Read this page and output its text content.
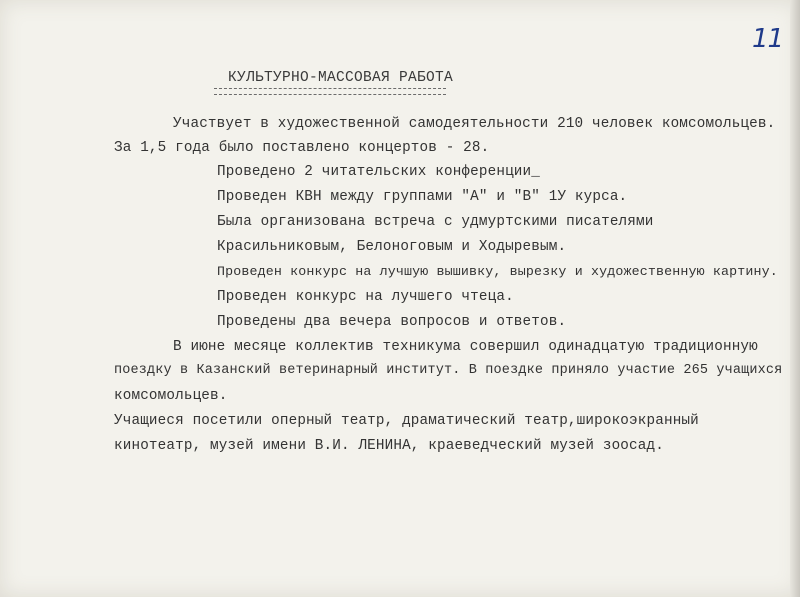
11
КУЛЬТУРНО-МАССОВАЯ РАБОТА
Участвует в художественной самодеятельности 210 человек комсомольцев.
За 1,5 года было поставлено концертов - 28.
Проведено 2 читательских конференции_
Проведен КВН между группами "А" и "В" 1У курса.
Была организована встреча с удмуртскими писателями
Красильниковым, Белоноговым и Ходыревым.
Проведен конкурс на лучшую вышивку, вырезку и художественную картину.
Проведен конкурс на лучшего чтеца.
Проведены два вечера вопросов и ответов.
В июне месяце коллектив техникума совершил одинадцатую традиционную
поездку в Казанский ветеринарный институт. В поездке приняло участие 265 учащихся
комсомольцев.
Учащиеся посетили оперный театр, драматический театр,широкоэкранный
кинотеатр, музей имени В.И. ЛЕНИНА, краеведческий музей зоосад.
